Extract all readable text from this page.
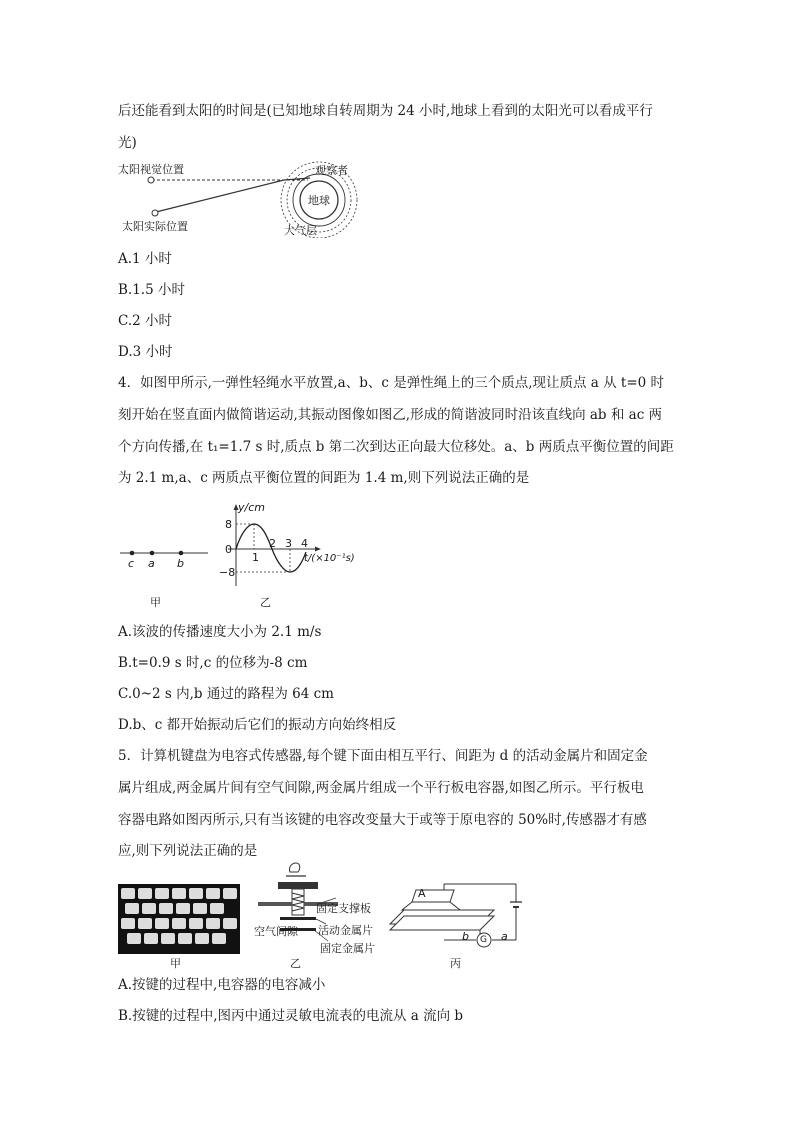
后还能看到太阳的时间是(已知地球自转周期为 24 小时,地球上看到的太阳光可以看成平行
光)
太阳视觉位置
太阳实际位置
观察者
地球
大气层
A.1 小时
B.1.5 小时
C.2 小时
D.3 小时
4．如图甲所示,一弹性轻绳水平放置,a、b、c 是弹性绳上的三个质点,现让质点 a 从 t=0 时
刻开始在竖直面内做简谐运动,其振动图像如图乙,形成的简谐波同时沿该直线向 ab 和 ac 两
个方向传播,在 t₁=1.7 s 时,质点 b 第二次到达正向最大位移处。a、b 两质点平衡位置的间距
为 2.1 m,a、c 两质点平衡位置的间距为 1.4 m,则下列说法正确的是
c a b
甲
y/cm
8
0
−8
1
2 3 4
t/(×10⁻¹s)
乙
A.该波的传播速度大小为 2.1 m/s
B.t=0.9 s 时,c 的位移为-8 cm
C.0~2 s 内,b 通过的路程为 64 cm
D.b、c 都开始振动后它们的振动方向始终相反
5．计算机键盘为电容式传感器,每个键下面由相互平行、间距为 d 的活动金属片和固定金
属片组成,两金属片间有空气间隙,两金属片组成一个平行板电容器,如图乙所示。平行板电
容器电路如图丙所示,只有当该键的电容改变量大于或等于原电容的 50%时,传感器才有感
应,则下列说法正确的是
甲
固定支撑板
空气间隙 活动金属片
固定金属片
乙
A
b G a
丙
A.按键的过程中,电容器的电容减小
B.按键的过程中,图丙中通过灵敏电流表的电流从 a 流向 b
